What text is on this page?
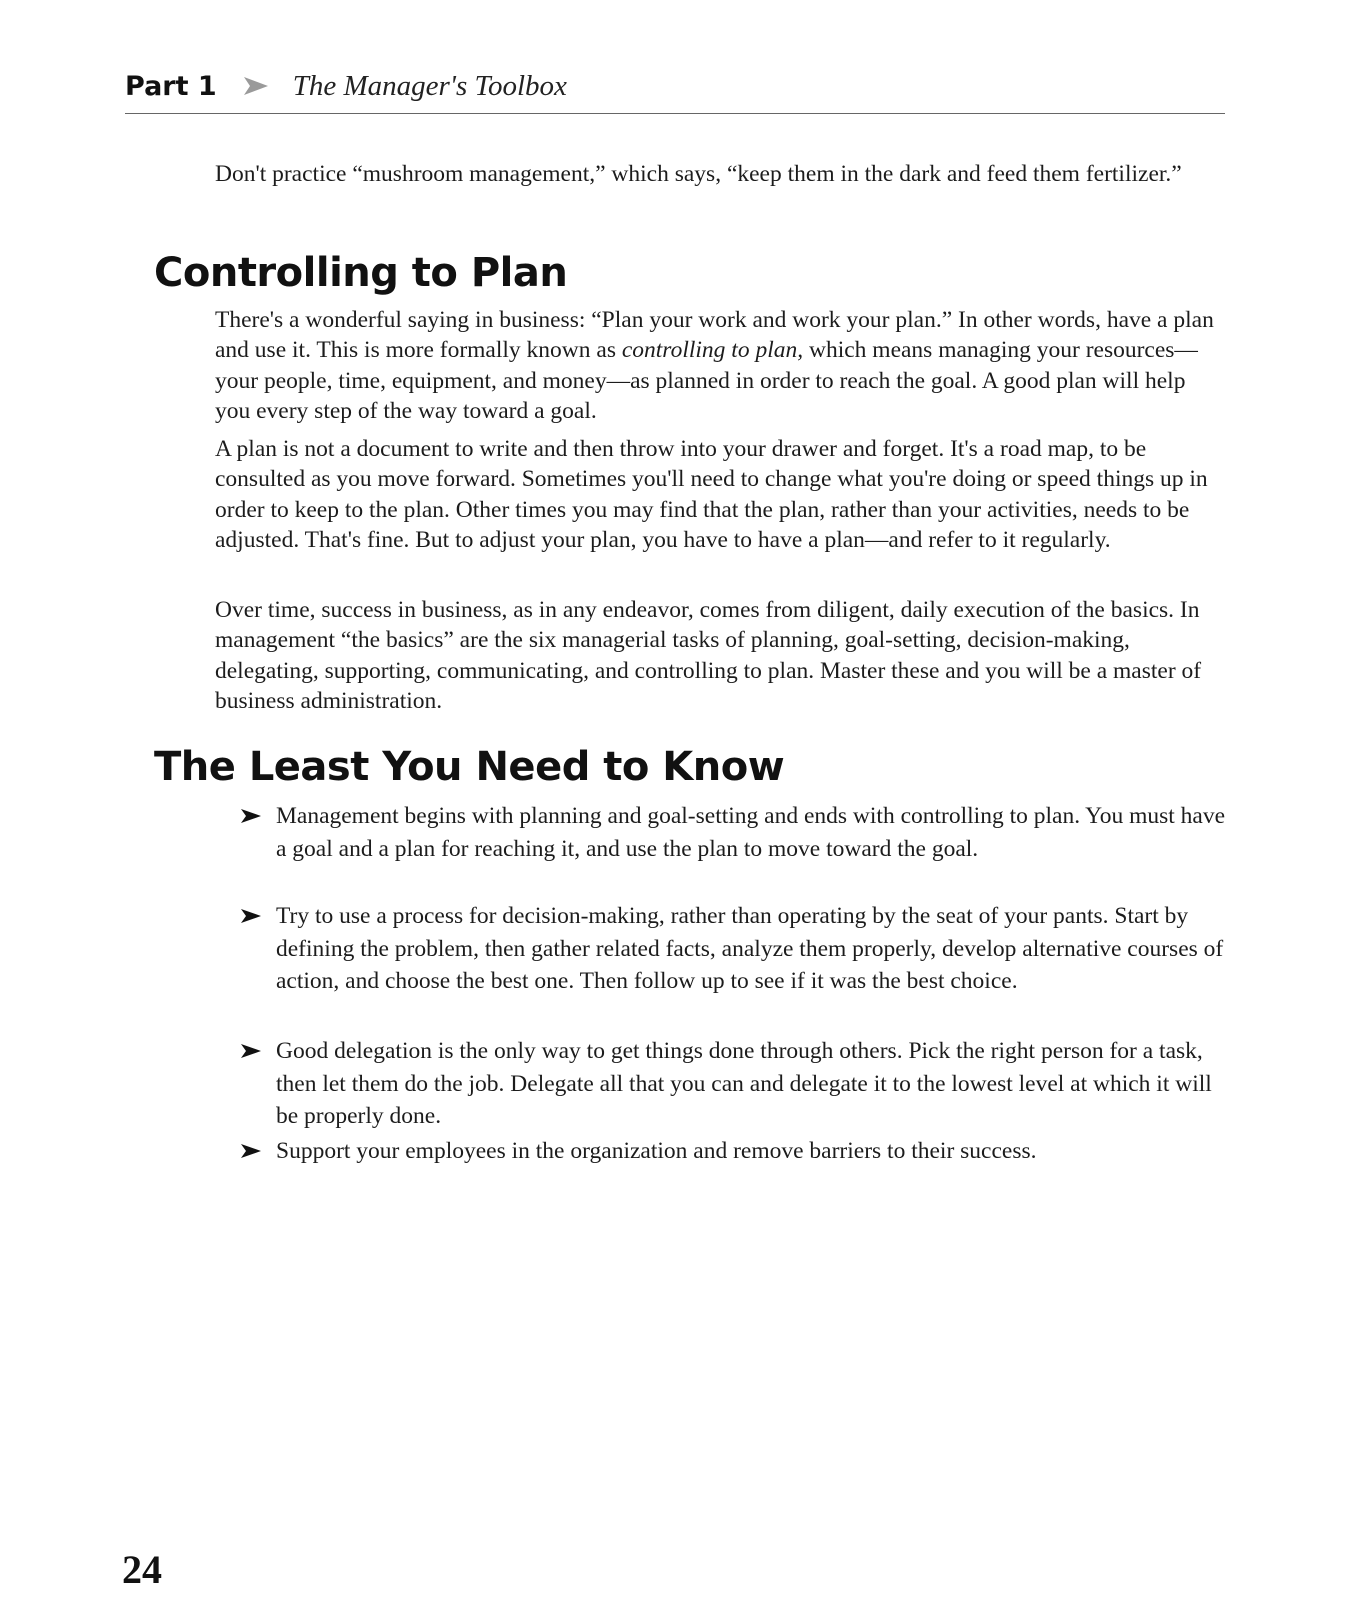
Part 1	The Manager's Toolbox

Don't practice “mushroom management,” which says, “keep them in the dark and feed them fertilizer.”

Controlling to Plan

There's a wonderful saying in business: “Plan your work and work your plan.” In other words, have a plan and use it. This is more formally known as controlling to plan, which means managing your resources—your people, time, equipment, and money—as planned in order to reach the goal. A good plan will help you every step of the way toward a goal.

A plan is not a document to write and then throw into your drawer and forget. It's a road map, to be consulted as you move forward. Sometimes you'll need to change what you're doing or speed things up in order to keep to the plan. Other times you may find that the plan, rather than your activities, needs to be adjusted. That's fine. But to adjust your plan, you have to have a plan—and refer to it regularly.

Over time, success in business, as in any endeavor, comes from diligent, daily execution of the basics. In management “the basics” are the six managerial tasks of planning, goal-setting, decision-making, delegating, supporting, communicating, and controlling to plan. Master these and you will be a master of business administration.

The Least You Need to Know
Management begins with planning and goal-setting and ends with controlling to plan. You must have a goal and a plan for reaching it, and use the plan to move toward the goal.
Try to use a process for decision-making, rather than operating by the seat of your pants. Start by defining the problem, then gather related facts, analyze them properly, develop alternative courses of action, and choose the best one. Then follow up to see if it was the best choice.
Good delegation is the only way to get things done through others. Pick the right person for a task, then let them do the job. Delegate all that you can and delegate it to the lowest level at which it will be properly done.
Support your employees in the organization and remove barriers to their success.
24
